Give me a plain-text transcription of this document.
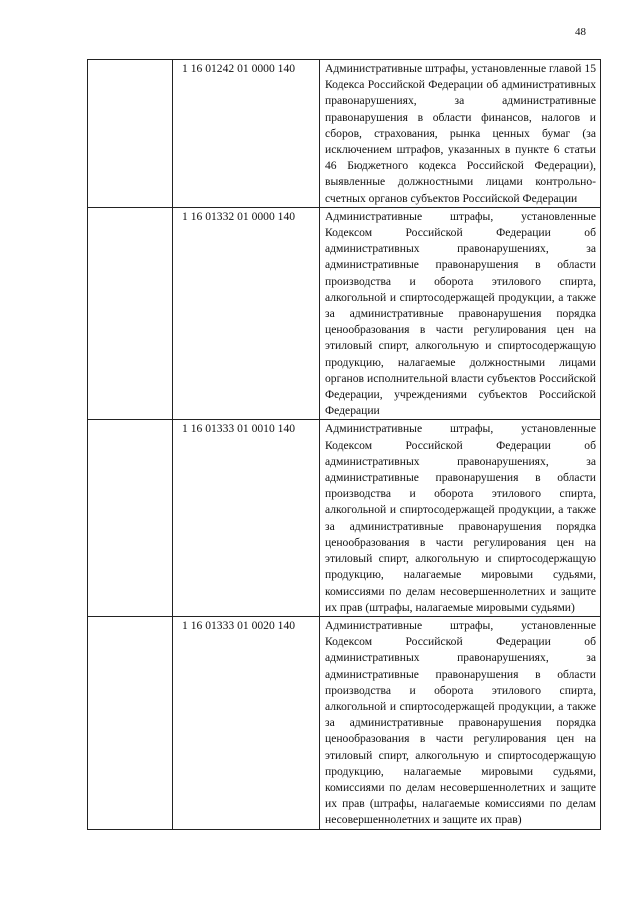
48
	1 16 01242 01 0000 140	Административные штрафы, установленные главой 15 Кодекса Российской Федерации об административных правонарушениях, за административные правонарушения в области финансов, налогов и сборов, страхования, рынка ценных бумаг (за исключением штрафов, указанных в пункте 6 статьи 46 Бюджетного кодекса Российской Федерации), выявленные должностными лицами контрольно-счетных органов субъектов Российской Федерации

	1 16 01332 01 0000 140	Административные штрафы, установленные Кодексом Российской Федерации об административных правонарушениях, за административные правонарушения в области производства и оборота этилового спирта, алкогольной и спиртосодержащей продукции, а также за административные правонарушения порядка ценообразования в части регулирования цен на этиловый спирт, алкогольную и спиртосодержащую продукцию, налагаемые должностными лицами органов исполнительной власти субъектов Российской Федерации, учреждениями субъектов Российской Федерации

	1 16 01333 01 0010 140	Административные штрафы, установленные Кодексом Российской Федерации об административных правонарушениях, за административные правонарушения в области производства и оборота этилового спирта, алкогольной и спиртосодержащей продукции, а также за административные правонарушения порядка ценообразования в части регулирования цен на этиловый спирт, алкогольную и спиртосодержащую продукцию, налагаемые мировыми судьями, комиссиями по делам несовершеннолетних и защите их прав (штрафы, налагаемые мировыми судьями)

	1 16 01333 01 0020 140	Административные штрафы, установленные Кодексом Российской Федерации об административных правонарушениях, за административные правонарушения в области производства и оборота этилового спирта, алкогольной и спиртосодержащей продукции, а также за административные правонарушения порядка ценообразования в части регулирования цен на этиловый спирт, алкогольную и спиртосодержащую продукцию, налагаемые мировыми судьями, комиссиями по делам несовершеннолетних и защите их прав (штрафы, налагаемые комиссиями по делам несовершеннолетних и защите их прав)
